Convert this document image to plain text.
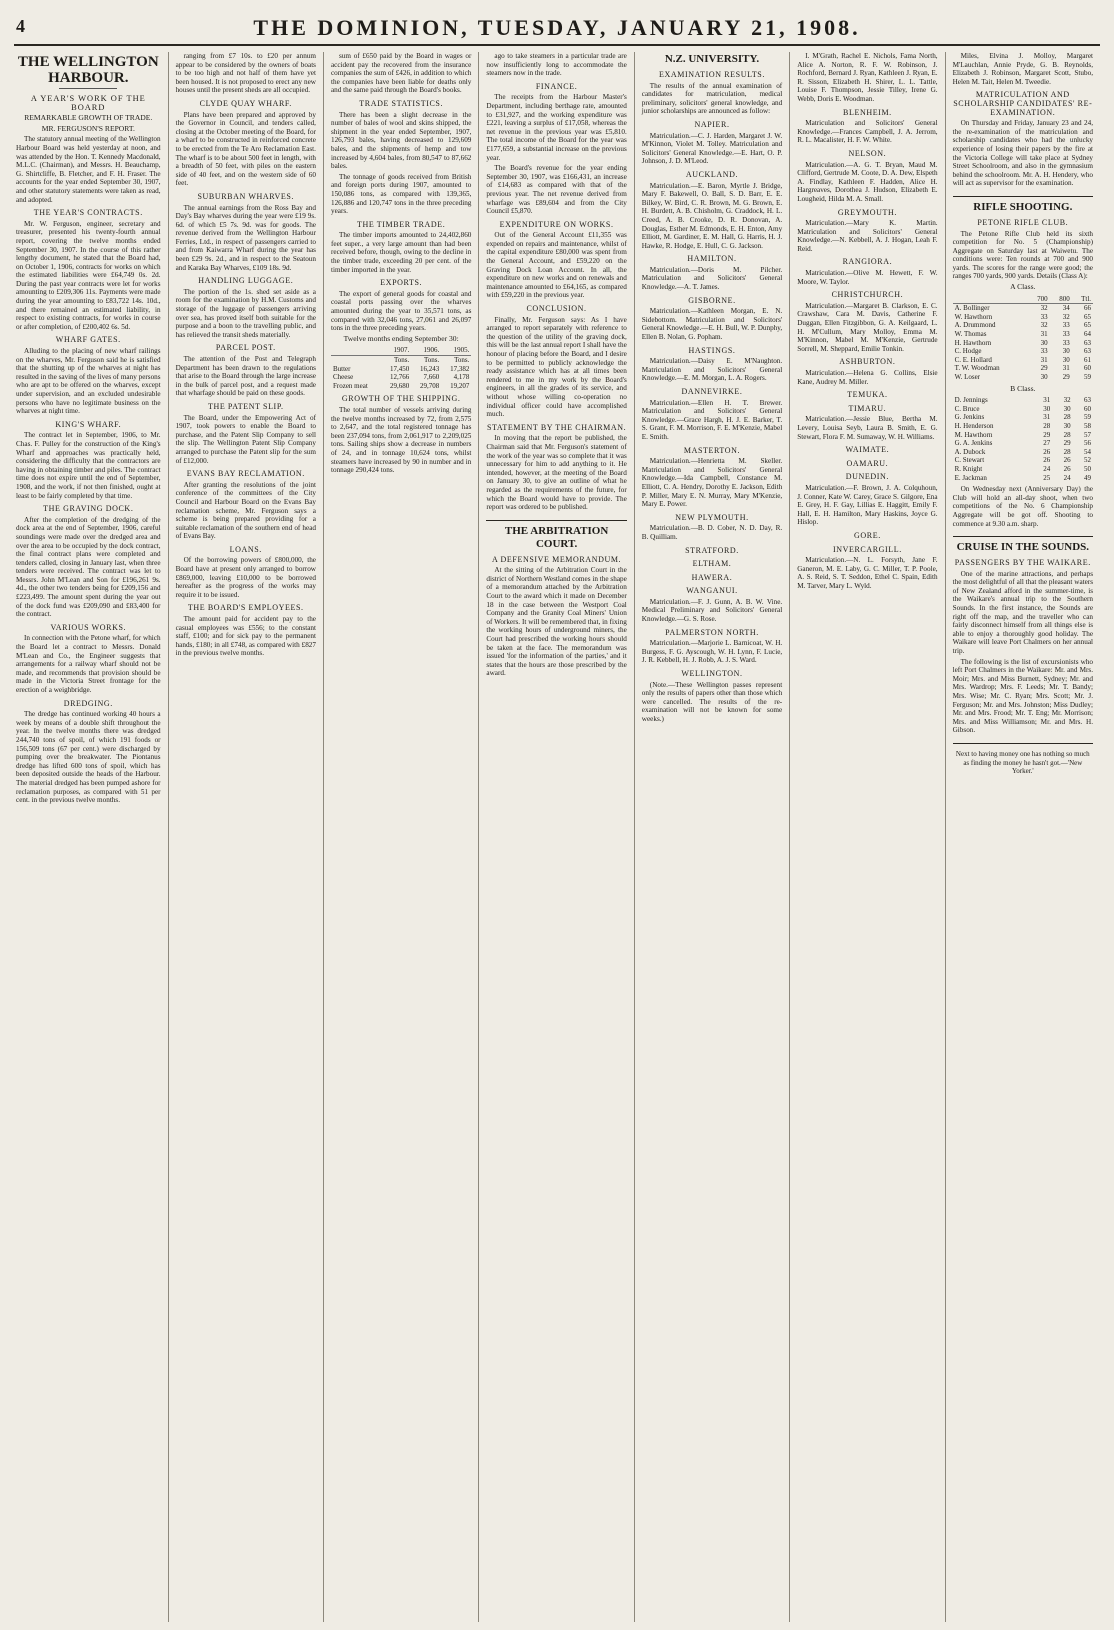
4	THE DOMINION, TUESDAY, JANUARY 21, 1908.
THE WELLINGTON HARBOUR.
A YEAR'S WORK OF THE BOARD
REMARKABLE GROWTH OF TRADE.
MR. FERGUSON'S REPORT.

The statutory annual meeting of the Wellington Harbour Board was held yesterday at noon, and was attended by the Hon. T. Kennedy Macdonald, M.L.C. (Chairman), and Messrs. H. Beauchamp, G. Shirtcliffe, B. Fletcher, and F. H. Fraser. The accounts for the year ended September 30, 1907, and other statutory statements were taken as read, and adopted.

THE YEAR'S CONTRACTS.

Mr. W. Ferguson, engineer, secretary and treasurer, presented his twenty-fourth annual report, covering the twelve months ended September 30, 1907. In the course of this rather lengthy document, he stated that the Board had, on October 1, 1906, contracts for works on which the estimated liabilities were £64,749 0s. 2d. During the past year contracts were let for works amounting to £209,306 11s. Payments were made during the year amounting to £83,722 14s. 10d., and there remained an estimated liability, in respect to existing contracts, for works in course or after completion, of £200,402 6s. 5d.

WHARF GATES.

Alluding to the placing of new wharf railings on the wharves, Mr. Ferguson said he is satisfied that the shutting up of the wharves at night has resulted in the saving of the lives of many persons who are apt to be offered on the wharves, except under supervision, and an excluded undesirable persons who have no legitimate business on the wharves at night time.

KING'S WHARF.

The contract let in September, 1906, to Mr. Chas. F. Pulley for the construction of the King's Wharf and approaches was practically held, considering the difficulty that the contractors are having in obtaining timber and piles. The contract time does not expire until the end of September, 1908, and the work, if not then finished, ought at least to be fairly completed by that time.

THE GRAVING DOCK.

After the completion of the dredging of the dock area at the end of September, 1906, careful soundings were made over the dredged area and over the area to be occupied by the dock contract, the final contract plans were completed and tenders called, closing in January last, when three tenders were received. The contract was let to Messrs. John M'Lean and Son for £196,261 9s. 4d., the other two tenders being for £209,156 and £223,499. The amount spent during the year out of the dock fund was £209,090 and £83,400 for the contract.

VARIOUS WORKS.

In connection with the Petone wharf, for which the Board let a contract to Messrs. Donald M'Lean and Co., the Engineer suggests that arrangements for a railway wharf should not be made, and recommends that provision should be made in the Victoria Street frontage for the erection of a weighbridge.

DREDGING.

The dredge has continued working 40 hours a week by means of a double shift throughout the year. In the twelve months there was dredged 244,740 tons of spoil, of which 191 foods or 156,509 tons (67 per cent.) were discharged by pumping over the breakwater. The Piontanus dredge has lifted 600 tons of spoil, which has been deposited outside the heads of the Harbour. The material dredged has been pumped ashore for reclamation purposes, as compared with 51 per cent. in the previous twelve months.

ranging from £7 10s. to £20 per annum appear to be considered by the owners of boats to be too high and not half of them have yet been housed. It is not proposed to erect any new houses until the present sheds are all occupied.

CLYDE QUAY WHARF.

Plans have been prepared and approved by the Governor in Council, and tenders called, closing at the October meeting of the Board, for a wharf to be constructed in reinforced concrete to be erected from the Te Aro Reclamation East. The wharf is to be about 500 feet in length, with a breadth of 50 feet, with piles on the eastern side of 40 feet, and on the western side of 60 feet.

SUBURBAN WHARVES.

The annual earnings from the Ross Bay and Day's Bay wharves during the year were £19 9s. 6d. of which £5 7s. 9d. was for goods. The revenue derived from the Wellington Harbour Ferries, Ltd., in respect of passengers carried to and from Kaiwarra Wharf during the year has been £29 9s. 2d., and in respect to the Seatoun and Karaka Bay Wharves, £109 18s. 9d.

HANDLING LUGGAGE.

The portion of the 1s. shed set aside as a room for the examination by H.M. Customs and storage of the luggage of passengers arriving over sea, has proved itself both suitable for the purpose and a boon to the travelling public, and has relieved the transit sheds materially.

PARCEL POST.

The attention of the Post and Telegraph Department has been drawn to the regulations that arise to the Board through the large increase in the bulk of parcel post, and a request made that wharfage should be paid on these goods.

THE PATENT SLIP.

The Board, under the Empowering Act of 1907, took powers to enable the Board to purchase, and the Patent Slip Company to sell the slip. The Wellington Patent Slip Company arranged to purchase the Patent slip for the sum of £12,000.

EVANS BAY RECLAMATION.

After granting the resolutions of the joint conference of the committees of the City Council and Harbour Board on the Evans Bay reclamation scheme, Mr. Ferguson says a scheme is being prepared providing for a suitable reclamation of the southern end of head of Evans Bay.

LOANS.

Of the borrowing powers of £800,000, the Board have at present only arranged to borrow £869,000, leaving £10,000 to be borrowed hereafter as the progress of the works may require it to be issued.

THE BOARD'S EMPLOYEES.

The amount paid for accident pay to the casual employees was £556; to the constant staff, £100; and for sick pay to the permanent hands, £180; in all £748, as compared with £827 in the previous twelve months.

sum of £650 paid by the Board in wages or accident pay the recovered from the insurance companies the sum of £426, in addition to which the companies have been liable for deaths only and the same paid through the Board's books.

TRADE STATISTICS.

There has been a slight decrease in the number of bales of wool and skins shipped, the shipment in the year ended September, 1907, 126,793 bales, having decreased to 129,609 bales, and the shipments of hemp and tow increased by 4,604 bales, from 80,547 to 87,662 bales.

The tonnage of goods received from British and foreign ports during 1907, amounted to 150,086 tons, as compared with 139,365, 126,886 and 120,747 tons in the three preceding years.

THE TIMBER TRADE.

The timber imports amounted to 24,402,860 feet super., a very large amount than had been received before, though, owing to the decline in the timber trade, exceeding 20 per cent. of the timber imported in the year.

EXPORTS.

The export of general goods for coastal and coastal ports passing over the wharves amounted during the year to 35,571 tons, as compared with 32,046 tons, 27,061 and 26,097 tons in the three preceding years.

Twelve months ending September 30:
	1907.	1906.	1905.
	Tons.	Tons.	Tons.
Butter	17,450	16,243	17,382
Cheese	12,766	7,660	4,178
Frozen meat	29,680	29,708	19,207
GROWTH OF THE SHIPPING.

The total number of vessels arriving during the twelve months increased by 72, from 2,575 to 2,647, and the total registered tonnage has been 237,094 tons, from 2,061,917 to 2,209,025 tons. Sailing ships show a decrease in numbers of 24, and in tonnage 10,624 tons, whilst steamers have increased by 90 in number and in tonnage 290,424 tons.

ago to take steamers in a particular trade are now insufficiently long to accommodate the steamers now in the trade.

FINANCE.

The receipts from the Harbour Master's Department, including berthage rate, amounted to £31,927, and the working expenditure was £221, leaving a surplus of £17,058, whereas the net revenue in the previous year was £5,810. The total income of the Board for the year was £177,659, a substantial increase on the previous year.

The Board's revenue for the year ending September 30, 1907, was £166,431, an increase of £14,683 as compared with that of the previous year. The net revenue derived from wharfage was £89,604 and from the City Council £5,870.

EXPENDITURE ON WORKS.

Out of the General Account £11,355 was expended on repairs and maintenance, whilst of the capital expenditure £80,000 was spent from the General Account, and £59,220 on the Graving Dock Loan Account. In all, the expenditure on new works and on renewals and maintenance amounted to £64,165, as compared with £59,220 in the previous year.

CONCLUSION.

Finally, Mr. Ferguson says: As I have arranged to report separately with reference to the question of the utility of the graving dock, this will be the last annual report I shall have the honour of placing before the Board, and I desire to be permitted to publicly acknowledge the ready assistance which has at all times been rendered to me in my work by the Board's engineers, in all the grades of its service, and without whose willing co-operation no individual officer could have accomplished much.

STATEMENT BY THE CHAIRMAN.

In moving that the report be published, the Chairman said that Mr. Ferguson's statement of the work of the year was so complete that it was unnecessary for him to add anything to it. He intended, however, at the meeting of the Board on January 30, to give an outline of what he regarded as the requirements of the future, for which the Board would have to provide. The report was ordered to be published.

THE ARBITRATION COURT.
A DEFENSIVE MEMORANDUM.

At the sitting of the Arbitration Court in the district of Northern Westland comes in the shape of a memorandum attached by the Arbitration Court to the award which it made on December 18 in the case between the Westport Coal Company and the Granity Coal Miners' Union of Workers. It will be remembered that, in fixing the working hours of underground miners, the Court had prescribed the working hours should be taken at the face. The memorandum was issued 'for the information of the parties,' and it states that the hours are those prescribed by the award.

N.Z. UNIVERSITY.
EXAMINATION RESULTS.

The results of the annual examination of candidates for matriculation, medical preliminary, solicitors' general knowledge, and junior scholarships are announced as follow:

NAPIER.

Matriculation.—C. J. Harden, Margaret J. W. M'Kinnon, Violet M. Tolley. Matriculation and Solicitors' General Knowledge.—E. Hart, O. P. Johnson, J. D. M'Leod.

AUCKLAND.

Matriculation.—E. Baron, Myrtle J. Bridge, Mary F. Bakewell, O. Ball, S. D. Barr, E. E. Bilkey, W. Bird, C. R. Brown, M. G. Brown, E. H. Burdett, A. B. Chisholm, G. Craddock, H. L. Creed, A. B. Crooke, D. R. Donovan, A. Douglas, Esther M. Edmonds, E. H. Enton, Amy Elliott, M. Gardiner, E. M. Hall, G. Harris, H. J. Hawke, R. Hodge, E. Hull, C. G. Jackson.

HAMILTON.

Matriculation.—Doris M. Pilcher. Matriculation and Solicitors' General Knowledge.—A. T. James.

GISBORNE.

Matriculation.—Kathleen Morgan, E. N. Sidebottom. Matriculation and Solicitors' General Knowledge.—E. H. Bull, W. P. Dunphy, Ellen B. Nolan, G. Popham.

HASTINGS.

Matriculation.—Daisy E. M'Naughton. Matriculation and Solicitors' General Knowledge.—E. M. Morgan, L. A. Rogers.

DANNEVIRKE.

Matriculation.—Ellen H. T. Brewer. Matriculation and Solicitors' General Knowledge.—Grace Hargh, H. J. E. Barker, T. S. Grant, F. M. Morrison, F. E. M'Kenzie, Mabel E. Smith.

MASTERTON.

Matriculation.—Henrietta M. Skeller. Matriculation and Solicitors' General Knowledge.—Ida Campbell, Constance M. Elliott, C. A. Hendry, Dorothy E. Jackson, Edith P. Miller, Mary E. N. Murray, Mary M'Kenzie, Mary E. Power.

NEW PLYMOUTH.

Matriculation.—B. D. Cober, N. D. Day, R. B. Quilliam.

STRATFORD.
ELTHAM.
HAWERA.
WANGANUI.

Matriculation.—F. J. Gunn, A. B. W. Vine. Medical Preliminary and Solicitors' General Knowledge.—G. S. Rose.

PALMERSTON NORTH.

Matriculation.—Marjorie L. Barnicoat, W. H. Burgess, F. G. Ayscough, W. H. Lynn, F. Lucie, J. R. Kebbell, H. J. Robb, A. J. S. Ward.

WELLINGTON.

(Note.—These Wellington passes represent only the results of papers other than those which were cancelled. The results of the re-examination will not be known for some weeks.)

I. M'Grath, Rachel E. Nichols, Fama North, Alice A. Norton, R. F. W. Robinson, J. Rochford, Bernard J. Ryan, Kathleen J. Ryan, E. R. Sisson, Elizabeth H. Shirer, L. L. Tattle, Louise F. Thompson, Jessie Tilley, Irene G. Webb, Doris E. Woodman.

BLENHEIM.

Matriculation and Solicitors' General Knowledge.—Frances Campbell, J. A. Jerrom, R. L. Macalister, H. F. W. White.

NELSON.

Matriculation.—A. G. T. Bryan, Maud M. Clifford, Gertrude M. Coote, D. A. Dew, Elspeth A. Findlay, Kathleen F. Hadden, Alice H. Hargreaves, Dorothea J. Hudson, Elizabeth E. Lougheid, Hilda M. A. Small.

GREYMOUTH.

Matriculation.—Mary K. Martin. Matriculation and Solicitors' General Knowledge.—N. Kebbell, A. J. Hogan, Leah F. Reid.

RANGIORA.

Matriculation.—Olive M. Hewett, F. W. Moore, W. Taylor.

CHRISTCHURCH.

Matriculation.—Margaret B. Clarkson, E. C. Crawshaw, Cara M. Davis, Catherine F. Duggan, Ellen Fitzgibbon, G. A. Keilgaard, L. H. M'Cullum, Mary Molloy, Emma M. M'Kinnon, Mabel M. M'Kenzie, Gertrude Sorrell, M. Sheppard, Emilie Tonkin.

ASHBURTON.

Matriculation.—Helena G. Collins, Elsie Kane, Audrey M. Miller.

TEMUKA.
TIMARU.

Matriculation.—Jessie Blue, Bertha M. Levery, Louisa Seyb, Laura B. Smith, E. G. Stewart, Flora F. M. Sumaway, W. H. Williams.

WAIMATE.
OAMARU.
DUNEDIN.

Matriculation.—F. Brown, J. A. Colquhoun, J. Conner, Kate W. Carey, Grace S. Gilgore, Ena E. Grey, H. F. Gay, Lillias E. Haggitt, Emily F. Hall, E. H. Hamilton, Mary Haskins, Joyce G. Hislop.

GORE.
INVERCARGILL.

Matriculation.—N. L. Forsyth, Jane F. Ganeron, M. E. Laby, G. C. Miller, T. P. Poole, A. S. Reid, S. T. Seddon, Ethel C. Spain, Edith M. Tarver, Mary L. Wyld.

Miles, Elvina J. Molloy, Margaret M'Lauchlan, Annie Pryde, G. B. Reynolds, Elizabeth J. Robinson, Margaret Scott, Stubo, Helen M. Tait, Helen M. Tweedie.

MATRICULATION AND SCHOLARSHIP CANDIDATES' RE-EXAMINATION.

On Thursday and Friday, January 23 and 24, the re-examination of the matriculation and scholarship candidates who had the unlucky experience of losing their papers by the fire at the Victoria College will take place at Sydney Street Schoolroom, and also in the gymnasium behind the schoolroom. Mr. A. H. Hendery, who will act as supervisor for the examination.

RIFLE SHOOTING.
PETONE RIFLE CLUB.

The Petone Rifle Club held its sixth competition for No. 5 (Championship) Aggregate on Saturday last at Waiwetu. The conditions were: Ten rounds at 700 and 900 yards. The scores for the range were good; the ranges 700 yards, 900 yards. Details (Class A):

A Class.
	700	800	Ttl.
A. Bollinger	32	34	66
W. Hawthorn	33	32	65
A. Drummond	32	33	65
W. Thomas	31	33	64
H. Hawthorn	30	33	63
C. Hodge	33	30	63
C. E. Hollard	31	30	61
T. W. Woodman	29	31	60
W. Loser	30	29	59
B Class.
D. Jennings	31	32	63
C. Bruce	30	30	60
G. Jenkins	31	28	59
H. Henderson	28	30	58
M. Hawthorn	29	28	57
G. A. Jenkins	27	29	56
A. Dubock	26	28	54
C. Stewart	26	26	52
R. Knight	24	26	50
E. Jackman	25	24	49

On Wednesday next (Anniversary Day) the Club will hold an all-day shoot, when two competitions of the No. 6 Championship Aggregate will be got off. Shooting to commence at 9.30 a.m. sharp.

CRUISE IN THE SOUNDS.
PASSENGERS BY THE WAIKARE.

One of the marine attractions, and perhaps the most delightful of all that the pleasant waters of New Zealand afford in the summer-time, is the Waikare's annual trip to the Southern Sounds. In the first instance, the Sounds are right off the map, and the traveller who can fairly disconnect himself from all things else is able to enjoy a thoroughly good holiday. The Waikare will leave Port Chalmers on her annual trip.

The following is the list of excursionists who left Port Chalmers in the Waikare: Mr. and Mrs. Moir; Mrs. and Miss Burnett, Sydney; Mr. and Mrs. Wardrop; Mrs. F. Leeds; Mr. T. Bandy; Mrs. Wise; Mr. C. Ryan; Mrs. Scott; Mr. J. Ferguson; Mr. and Mrs. Johnston; Miss Dudley; Mr. and Mrs. Frood; Mr. T. Eng; Mr. Morrison; Mrs. and Miss Williamson; Mr. and Mrs. H. Gibson.

Next to having money one has nothing so much as finding the money he hasn't got.—'New Yorker.'
